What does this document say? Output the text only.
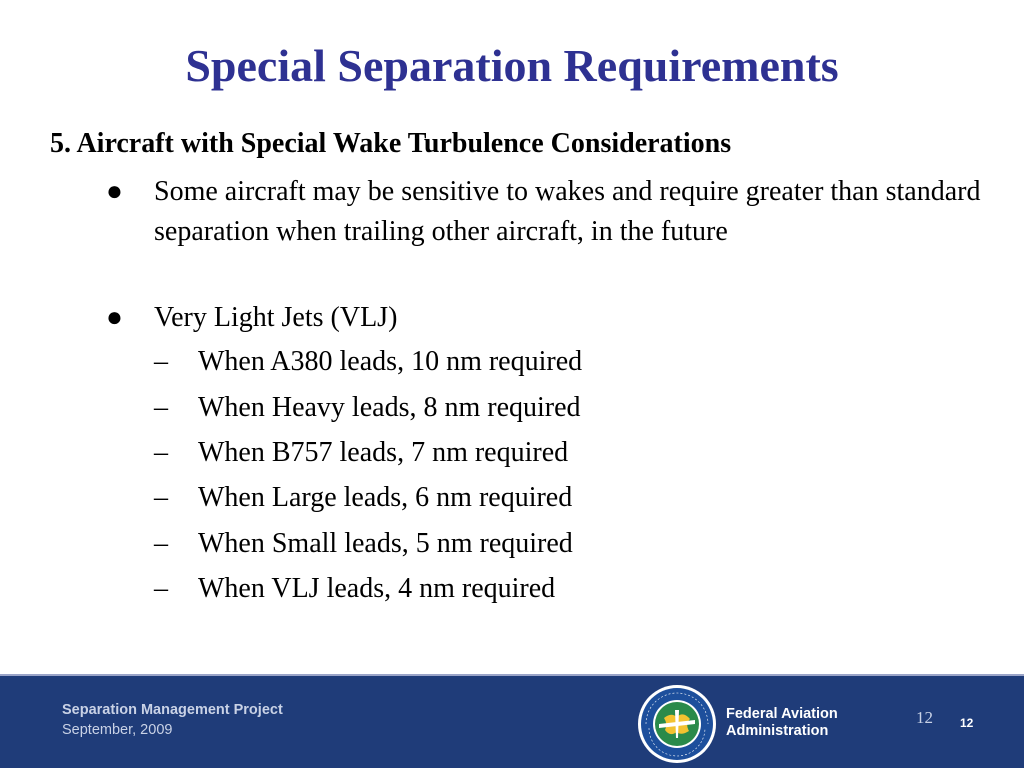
Special Separation Requirements
5. Aircraft with Special Wake Turbulence Considerations
● Some aircraft may be sensitive to wakes and require greater than standard separation when trailing other aircraft, in the future
● Very Light Jets (VLJ)
– When A380 leads, 10 nm required
– When Heavy leads, 8 nm required
– When B757 leads, 7 nm required
– When Large leads, 6 nm required
– When Small leads, 5 nm required
– When VLJ leads, 4 nm required
Separation Management Project
September, 2009
Federal Aviation
Administration
12 12
